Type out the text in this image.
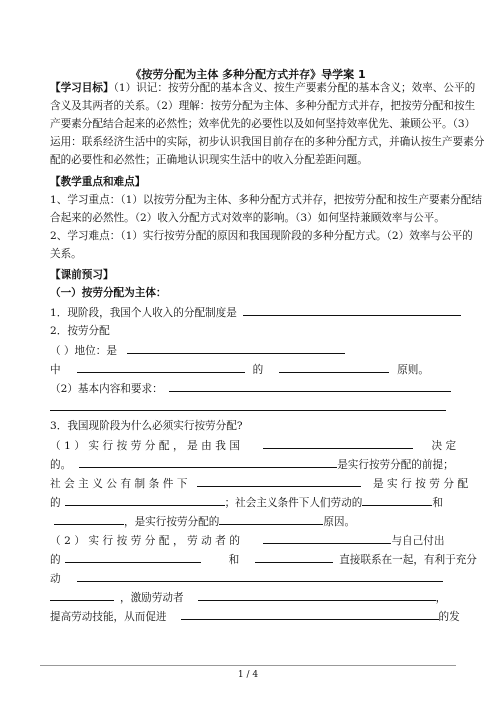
《按劳分配为主体 多种分配方式并存》导学案 1
【学习目标】（1）识记：按劳分配的基本含义、按生产要素分配的基本含义；效率、公平的
含义及其两者的关系。（2）理解：按劳分配为主体、多种分配方式并存，把按劳分配和按生
产要素分配结合起来的必然性；效率优先的必要性以及如何坚持效率优先、兼顾公平。（3）
运用：联系经济生活中的实际，初步认识我国目前存在的多种分配方式，并确认按生产要素分
配的必要性和必然性；正确地认识现实生活中的收入分配差距问题。
【教学重点和难点】
1、学习重点：（1）以按劳分配为主体、多种分配方式并存，把按劳分配和按生产要素分配结
合起来的必然性。（2）收入分配方式对效率的影响。（3）如何坚持兼顾效率与公平。
2、学习难点：（1）实行按劳分配的原因和我国现阶段的多种分配方式。（2）效率与公平的
关系。
【课前预习】
（一）按劳分配为主体：
1．现阶段，我国个人收入的分配制度是
2．按劳分配
（ ）地位：是
中	的	原则。
（2）基本内容和要求：
3．我国现阶段为什么必须实行按劳分配?
（1）实行按劳分配，是由我国	决定
的。	是实行按劳分配的前提；
社会主义公有制条件下	是实行按劳分配
的	；社会主义条件下人们劳动的	和
，是实行按劳分配的	原因。
（2）实行按劳分配，劳动者的	与自己付出
的	和	直接联系在一起，有利于充分
动
，激励劳动者	，
提高劳动技能，从而促进	的发
1 / 4
